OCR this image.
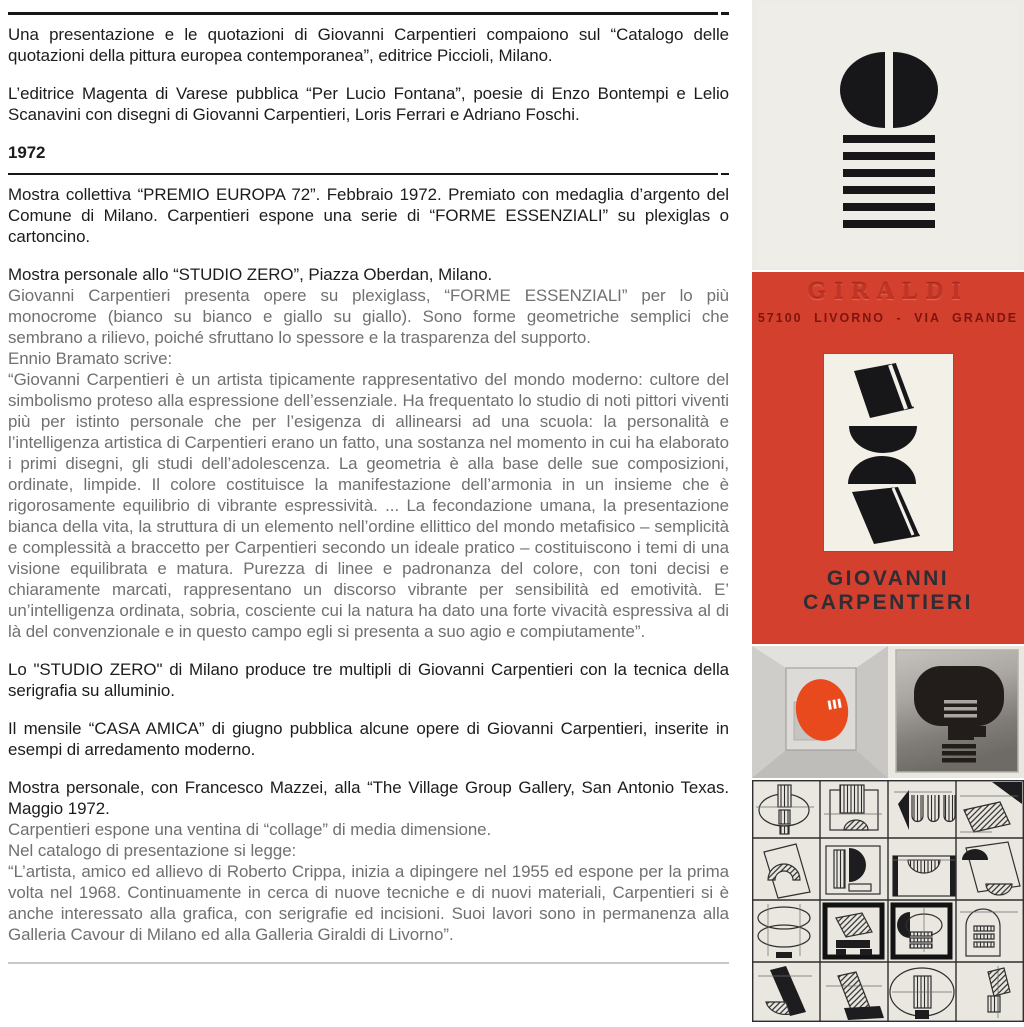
Una presentazione e le quotazioni di Giovanni Carpentieri compaiono sul “Catalogo delle quotazioni della pittura europea contemporanea”, editrice Piccioli, Milano.

L’editrice Magenta di Varese pubblica “Per Lucio Fontana”, poesie di Enzo Bontempi e Lelio Scanavini con disegni di Giovanni Carpentieri, Loris Ferrari e Adriano Foschi.

1972

Mostra collettiva “PREMIO EUROPA 72”. Febbraio 1972. Premiato con medaglia d’argento del Comune di Milano. Carpentieri espone una serie di “FORME ESSENZIALI” su plexiglas o cartoncino.

Mostra personale allo “STUDIO ZERO”, Piazza Oberdan, Milano.

Giovanni Carpentieri presenta opere su plexiglass, “FORME ESSENZIALI” per lo più monocrome (bianco su bianco e giallo su giallo). Sono forme geometriche semplici che sembrano a rilievo, poiché sfruttano lo spessore e la trasparenza del supporto.

Ennio Bramato scrive:

“Giovanni Carpentieri è un artista tipicamente rappresentativo del mondo moderno: cultore del simbolismo proteso alla espressione dell’essenziale. Ha frequentato lo studio di noti pittori viventi più per istinto personale che per l’esigenza di allinearsi ad una scuola: la personalità e l’intelligenza artistica di Carpentieri erano un fatto, una sostanza nel momento in cui ha elaborato i primi disegni, gli studi dell’adolescenza. La geometria è alla base delle sue composizioni, ordinate, limpide. Il colore costituisce la manifestazione dell’armonia in un insieme che è rigorosamente equilibrio di vibrante espressività. ... La fecondazione umana, la presentazione bianca della vita, la struttura di un elemento nell’ordine ellittico del mondo metafisico – semplicità e complessità a braccetto per Carpentieri secondo un ideale pratico – costituiscono i temi di una visione equilibrata e matura. Purezza di linee e padronanza del colore, con toni decisi e chiaramente marcati, rappresentano un discorso vibrante per sensibilità ed emotività. E’ un’intelligenza ordinata, sobria, cosciente cui la natura ha dato una forte vivacità espressiva al di là del convenzionale e in questo campo egli si presenta a suo agio e compiutamente”.

Lo "STUDIO ZERO" di Milano produce tre multipli di Giovanni Carpentieri con la tecnica della serigrafia su alluminio.

Il mensile “CASA AMICA” di giugno pubblica alcune opere di Giovanni Carpentieri, inserite in esempi di arredamento moderno.

Mostra personale, con Francesco Mazzei, alla “The Village Group Gallery, San Antonio Texas. Maggio 1972.

Carpentieri espone una ventina di “collage” di media dimensione.

Nel catalogo di presentazione si legge:

“L’artista, amico ed allievo di Roberto Crippa, inizia a dipingere nel 1955 ed espone per la prima volta nel 1968. Continuamente in cerca di nuove tecniche e di nuovi materiali, Carpentieri si è anche interessato alla grafica, con serigrafie ed incisioni. Suoi lavori sono in permanenza alla Galleria Cavour di Milano ed alla Galleria Giraldi di Livorno”.

GIRALDI
57100 LIVORNO - VIA GRANDE
GIOVANNI
CARPENTIERI
